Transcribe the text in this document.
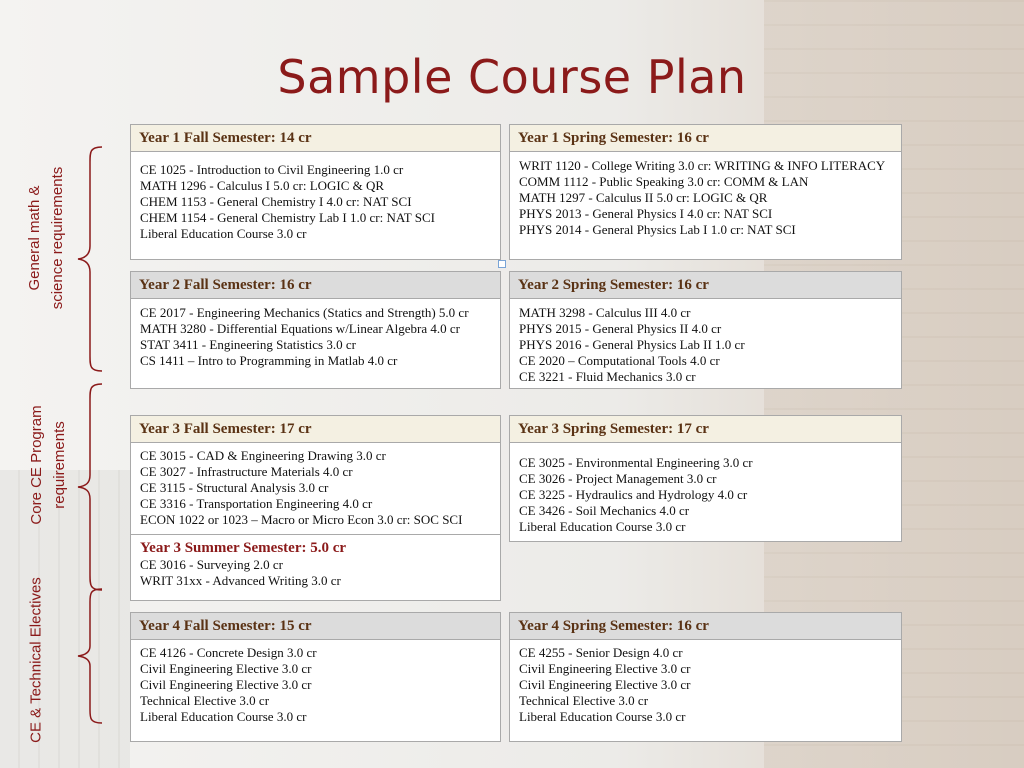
Sample Course Plan
General math & science requirements
Core CE Program requirements
CE & Technical Electives
Year 1 Fall Semester: 14 cr
CE 1025 - Introduction to Civil Engineering 1.0 cr
MATH 1296 - Calculus I 5.0 cr: LOGIC & QR
CHEM 1153 - General Chemistry I 4.0 cr: NAT SCI
CHEM 1154 - General Chemistry Lab I 1.0 cr: NAT SCI
Liberal Education Course 3.0 cr
Year 1 Spring Semester: 16 cr
WRIT 1120 - College Writing 3.0 cr: WRITING & INFO LITERACY
COMM 1112 - Public Speaking 3.0 cr: COMM & LAN
MATH 1297 - Calculus II 5.0 cr: LOGIC & QR
PHYS 2013 - General Physics I 4.0 cr: NAT SCI
PHYS 2014 - General Physics Lab I 1.0 cr: NAT SCI
Year 2 Fall Semester: 16 cr
CE 2017 - Engineering Mechanics (Statics and Strength) 5.0 cr
MATH 3280 - Differential Equations w/Linear Algebra 4.0 cr
STAT 3411 - Engineering Statistics 3.0 cr
CS 1411 – Intro to Programming in Matlab 4.0 cr
Year 2 Spring Semester: 16 cr
MATH 3298 - Calculus III 4.0 cr
PHYS 2015 - General Physics II 4.0 cr
PHYS 2016 - General Physics Lab II 1.0 cr
CE 2020 – Computational Tools 4.0 cr
CE 3221 - Fluid Mechanics 3.0 cr
Year 3 Fall Semester: 17 cr
CE 3015 - CAD & Engineering Drawing 3.0 cr
CE 3027 - Infrastructure Materials 4.0 cr
CE 3115 - Structural Analysis 3.0 cr
CE 3316 - Transportation Engineering 4.0 cr
ECON 1022 or 1023 – Macro or Micro Econ 3.0 cr: SOC SCI
Year 3 Summer Semester: 5.0 cr
CE 3016 - Surveying 2.0 cr
WRIT 31xx - Advanced Writing 3.0 cr
Year 3 Spring Semester: 17 cr
CE 3025 - Environmental Engineering 3.0 cr
CE 3026 - Project Management 3.0 cr
CE 3225 - Hydraulics and Hydrology 4.0 cr
CE 3426 - Soil Mechanics 4.0 cr
Liberal Education Course 3.0 cr
Year 4 Fall Semester: 15 cr
CE 4126 - Concrete Design 3.0 cr
Civil Engineering Elective 3.0 cr
Civil Engineering Elective 3.0 cr
Technical Elective 3.0 cr
Liberal Education Course 3.0 cr
Year 4 Spring Semester: 16 cr
CE 4255 - Senior Design 4.0 cr
Civil Engineering Elective 3.0 cr
Civil Engineering Elective 3.0 cr
Technical Elective 3.0 cr
Liberal Education Course 3.0 cr
